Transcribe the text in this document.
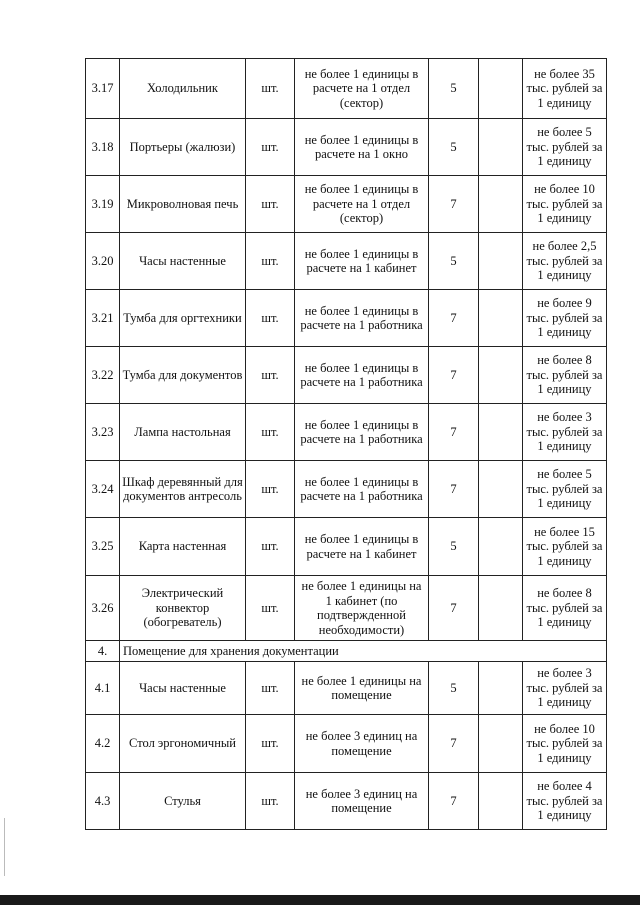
3.17	Холодильник	шт.	не более 1 единицы в расчете на 1 отдел (сектор)	5		не более 35 тыс. рублей за 1 единицу
3.18	Портьеры (жалюзи)	шт.	не более 1 единицы в расчете на 1 окно	5		не более 5 тыс. рублей за 1 единицу
3.19	Микроволновая печь	шт.	не более 1 единицы в расчете на 1 отдел (сектор)	7		не более 10 тыс. рублей за 1 единицу
3.20	Часы настенные	шт.	не более 1 единицы в расчете на 1 кабинет	5		не более 2,5 тыс. рублей за 1 единицу
3.21	Тумба для оргтехники	шт.	не более 1 единицы в расчете на 1 работника	7		не более 9 тыс. рублей за 1 единицу
3.22	Тумба для документов	шт.	не более 1 единицы в расчете на 1 работника	7		не более 8 тыс. рублей за 1 единицу
3.23	Лампа настольная	шт.	не более 1 единицы в расчете на 1 работника	7		не более 3 тыс. рублей за 1 единицу
3.24	Шкаф деревянный для документов антресоль	шт.	не более 1 единицы в расчете на 1 работника	7		не более 5 тыс. рублей за 1 единицу
3.25	Карта настенная	шт.	не более 1 единицы в расчете на 1 кабинет	5		не более 15 тыс. рублей за 1 единицу
3.26	Электрический конвектор (обогреватель)	шт.	не более 1 единицы на 1 кабинет (по подтвержденной необходимости)	7		не более 8 тыс. рублей за 1 единицу
4.	Помещение для хранения документации					
4.1	Часы настенные	шт.	не более 1 единицы на помещение	5		не более 3 тыс. рублей за 1 единицу
4.2	Стол эргономичный	шт.	не более 3 единиц на помещение	7		не более 10 тыс. рублей за 1 единицу
4.3	Стулья	шт.	не более 3 единиц на помещение	7		не более 4 тыс. рублей за 1 единицу
